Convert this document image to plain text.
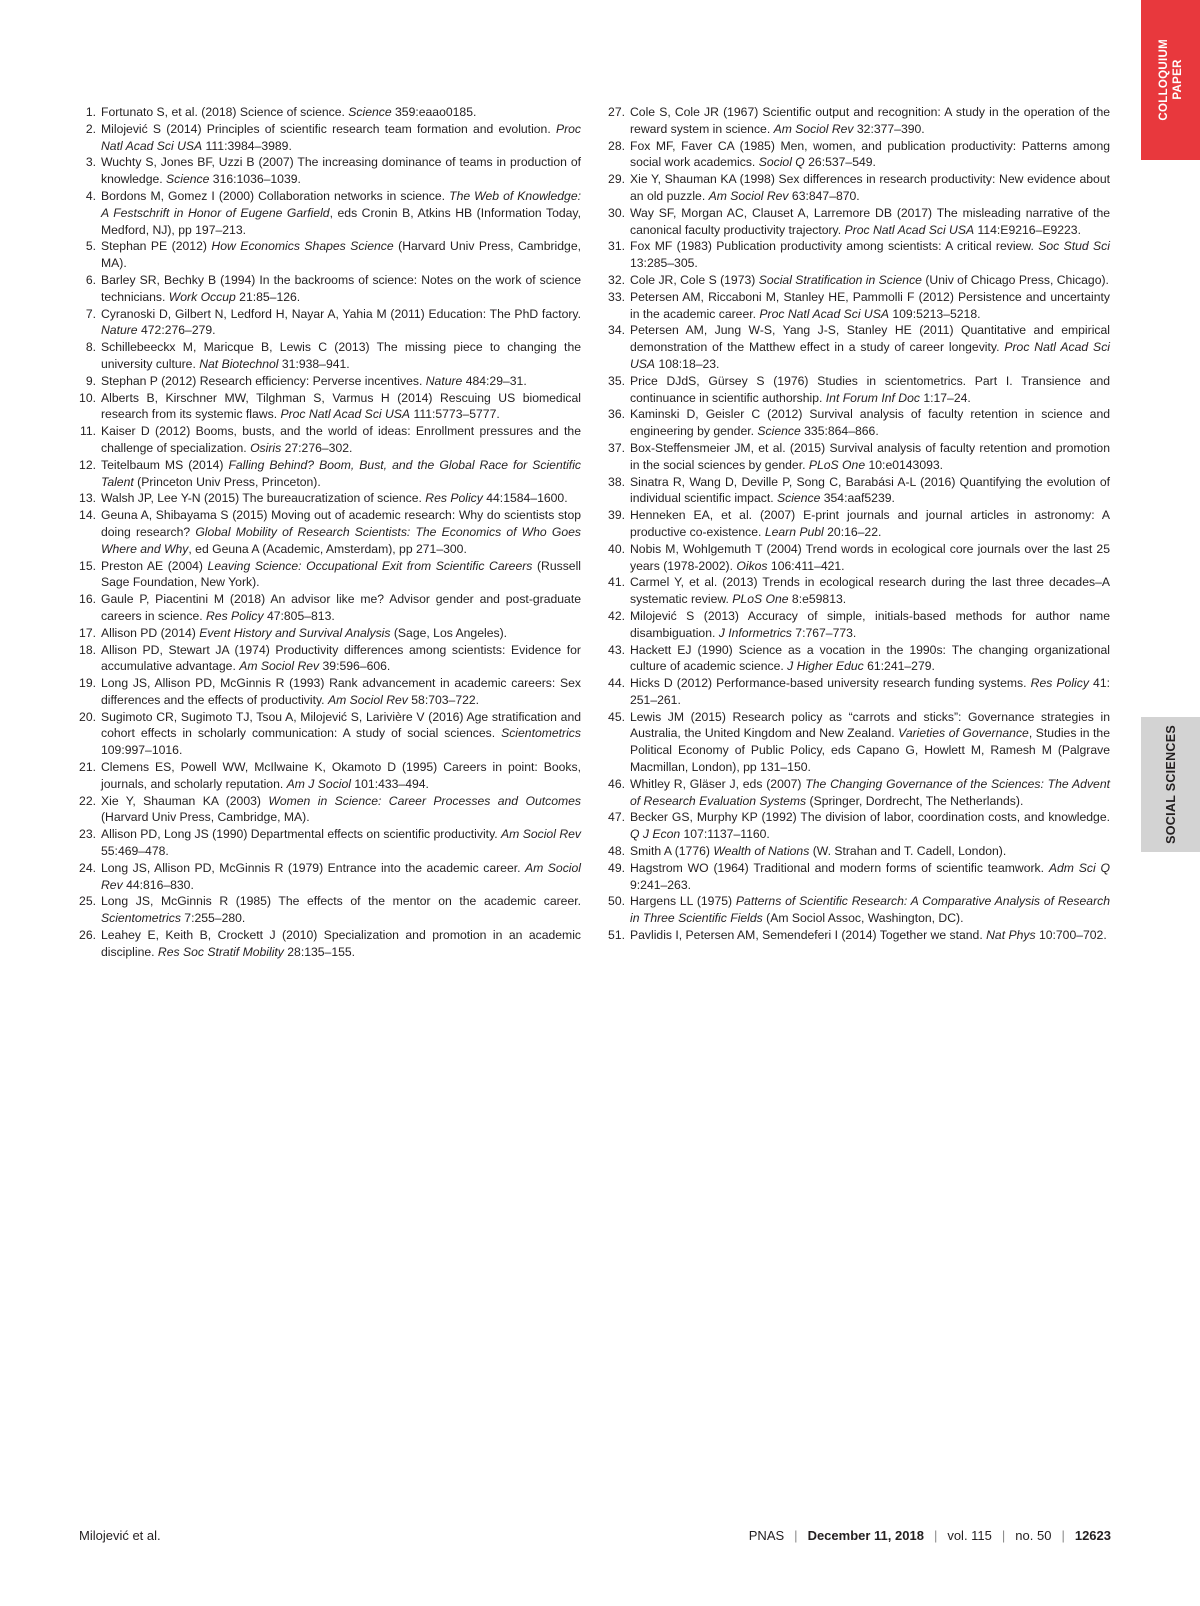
COLLOQUIUM PAPER
SOCIAL SCIENCES
1. Fortunato S, et al. (2018) Science of science. Science 359:eaao0185.
2. Milojević S (2014) Principles of scientific research team formation and evolution. Proc Natl Acad Sci USA 111:3984–3989.
3. Wuchty S, Jones BF, Uzzi B (2007) The increasing dominance of teams in production of knowledge. Science 316:1036–1039.
4. Bordons M, Gomez I (2000) Collaboration networks in science. The Web of Knowledge: A Festschrift in Honor of Eugene Garfield, eds Cronin B, Atkins HB (Information Today, Medford, NJ), pp 197–213.
5. Stephan PE (2012) How Economics Shapes Science (Harvard Univ Press, Cambridge, MA).
6. Barley SR, Bechky B (1994) In the backrooms of science: Notes on the work of science technicians. Work Occup 21:85–126.
7. Cyranoski D, Gilbert N, Ledford H, Nayar A, Yahia M (2011) Education: The PhD factory. Nature 472:276–279.
8. Schillebeeckx M, Maricque B, Lewis C (2013) The missing piece to changing the university culture. Nat Biotechnol 31:938–941.
9. Stephan P (2012) Research efficiency: Perverse incentives. Nature 484:29–31.
10. Alberts B, Kirschner MW, Tilghman S, Varmus H (2014) Rescuing US biomedical research from its systemic flaws. Proc Natl Acad Sci USA 111:5773–5777.
11. Kaiser D (2012) Booms, busts, and the world of ideas: Enrollment pressures and the challenge of specialization. Osiris 27:276–302.
12. Teitelbaum MS (2014) Falling Behind? Boom, Bust, and the Global Race for Scientific Talent (Princeton Univ Press, Princeton).
13. Walsh JP, Lee Y-N (2015) The bureaucratization of science. Res Policy 44:1584–1600.
14. Geuna A, Shibayama S (2015) Moving out of academic research: Why do scientists stop doing research? Global Mobility of Research Scientists: The Economics of Who Goes Where and Why, ed Geuna A (Academic, Amsterdam), pp 271–300.
15. Preston AE (2004) Leaving Science: Occupational Exit from Scientific Careers (Russell Sage Foundation, New York).
16. Gaule P, Piacentini M (2018) An advisor like me? Advisor gender and post-graduate careers in science. Res Policy 47:805–813.
17. Allison PD (2014) Event History and Survival Analysis (Sage, Los Angeles).
18. Allison PD, Stewart JA (1974) Productivity differences among scientists: Evidence for accumulative advantage. Am Sociol Rev 39:596–606.
19. Long JS, Allison PD, McGinnis R (1993) Rank advancement in academic careers: Sex differences and the effects of productivity. Am Sociol Rev 58:703–722.
20. Sugimoto CR, Sugimoto TJ, Tsou A, Milojević S, Larivière V (2016) Age stratification and cohort effects in scholarly communication: A study of social sciences. Scientometrics 109:997–1016.
21. Clemens ES, Powell WW, McIlwaine K, Okamoto D (1995) Careers in point: Books, journals, and scholarly reputation. Am J Sociol 101:433–494.
22. Xie Y, Shauman KA (2003) Women in Science: Career Processes and Outcomes (Harvard Univ Press, Cambridge, MA).
23. Allison PD, Long JS (1990) Departmental effects on scientific productivity. Am Sociol Rev 55:469–478.
24. Long JS, Allison PD, McGinnis R (1979) Entrance into the academic career. Am Sociol Rev 44:816–830.
25. Long JS, McGinnis R (1985) The effects of the mentor on the academic career. Scientometrics 7:255–280.
26. Leahey E, Keith B, Crockett J (2010) Specialization and promotion in an academic discipline. Res Soc Stratif Mobility 28:135–155.
27. Cole S, Cole JR (1967) Scientific output and recognition: A study in the operation of the reward system in science. Am Sociol Rev 32:377–390.
28. Fox MF, Faver CA (1985) Men, women, and publication productivity: Patterns among social work academics. Sociol Q 26:537–549.
29. Xie Y, Shauman KA (1998) Sex differences in research productivity: New evidence about an old puzzle. Am Sociol Rev 63:847–870.
30. Way SF, Morgan AC, Clauset A, Larremore DB (2017) The misleading narrative of the canonical faculty productivity trajectory. Proc Natl Acad Sci USA 114:E9216–E9223.
31. Fox MF (1983) Publication productivity among scientists: A critical review. Soc Stud Sci 13:285–305.
32. Cole JR, Cole S (1973) Social Stratification in Science (Univ of Chicago Press, Chicago).
33. Petersen AM, Riccaboni M, Stanley HE, Pammolli F (2012) Persistence and uncertainty in the academic career. Proc Natl Acad Sci USA 109:5213–5218.
34. Petersen AM, Jung W-S, Yang J-S, Stanley HE (2011) Quantitative and empirical demonstration of the Matthew effect in a study of career longevity. Proc Natl Acad Sci USA 108:18–23.
35. Price DJdS, Gürsey S (1976) Studies in scientometrics. Part I. Transience and continuance in scientific authorship. Int Forum Inf Doc 1:17–24.
36. Kaminski D, Geisler C (2012) Survival analysis of faculty retention in science and engineering by gender. Science 335:864–866.
37. Box-Steffensmeier JM, et al. (2015) Survival analysis of faculty retention and promotion in the social sciences by gender. PLoS One 10:e0143093.
38. Sinatra R, Wang D, Deville P, Song C, Barabási A-L (2016) Quantifying the evolution of individual scientific impact. Science 354:aaf5239.
39. Henneken EA, et al. (2007) E-print journals and journal articles in astronomy: A productive co-existence. Learn Publ 20:16–22.
40. Nobis M, Wohlgemuth T (2004) Trend words in ecological core journals over the last 25 years (1978-2002). Oikos 106:411–421.
41. Carmel Y, et al. (2013) Trends in ecological research during the last three decades–A systematic review. PLoS One 8:e59813.
42. Milojević S (2013) Accuracy of simple, initials-based methods for author name disambiguation. J Informetrics 7:767–773.
43. Hackett EJ (1990) Science as a vocation in the 1990s: The changing organizational culture of academic science. J Higher Educ 61:241–279.
44. Hicks D (2012) Performance-based university research funding systems. Res Policy 41: 251–261.
45. Lewis JM (2015) Research policy as “carrots and sticks”: Governance strategies in Australia, the United Kingdom and New Zealand. Varieties of Governance, Studies in the Political Economy of Public Policy, eds Capano G, Howlett M, Ramesh M (Palgrave Macmillan, London), pp 131–150.
46. Whitley R, Gläser J, eds (2007) The Changing Governance of the Sciences: The Advent of Research Evaluation Systems (Springer, Dordrecht, The Netherlands).
47. Becker GS, Murphy KP (1992) The division of labor, coordination costs, and knowledge. Q J Econ 107:1137–1160.
48. Smith A (1776) Wealth of Nations (W. Strahan and T. Cadell, London).
49. Hagstrom WO (1964) Traditional and modern forms of scientific teamwork. Adm Sci Q 9:241–263.
50. Hargens LL (1975) Patterns of Scientific Research: A Comparative Analysis of Research in Three Scientific Fields (Am Sociol Assoc, Washington, DC).
51. Pavlidis I, Petersen AM, Semendeferi I (2014) Together we stand. Nat Phys 10:700–702.
Milojević et al.	PNAS | December 11, 2018 | vol. 115 | no. 50 | 12623
